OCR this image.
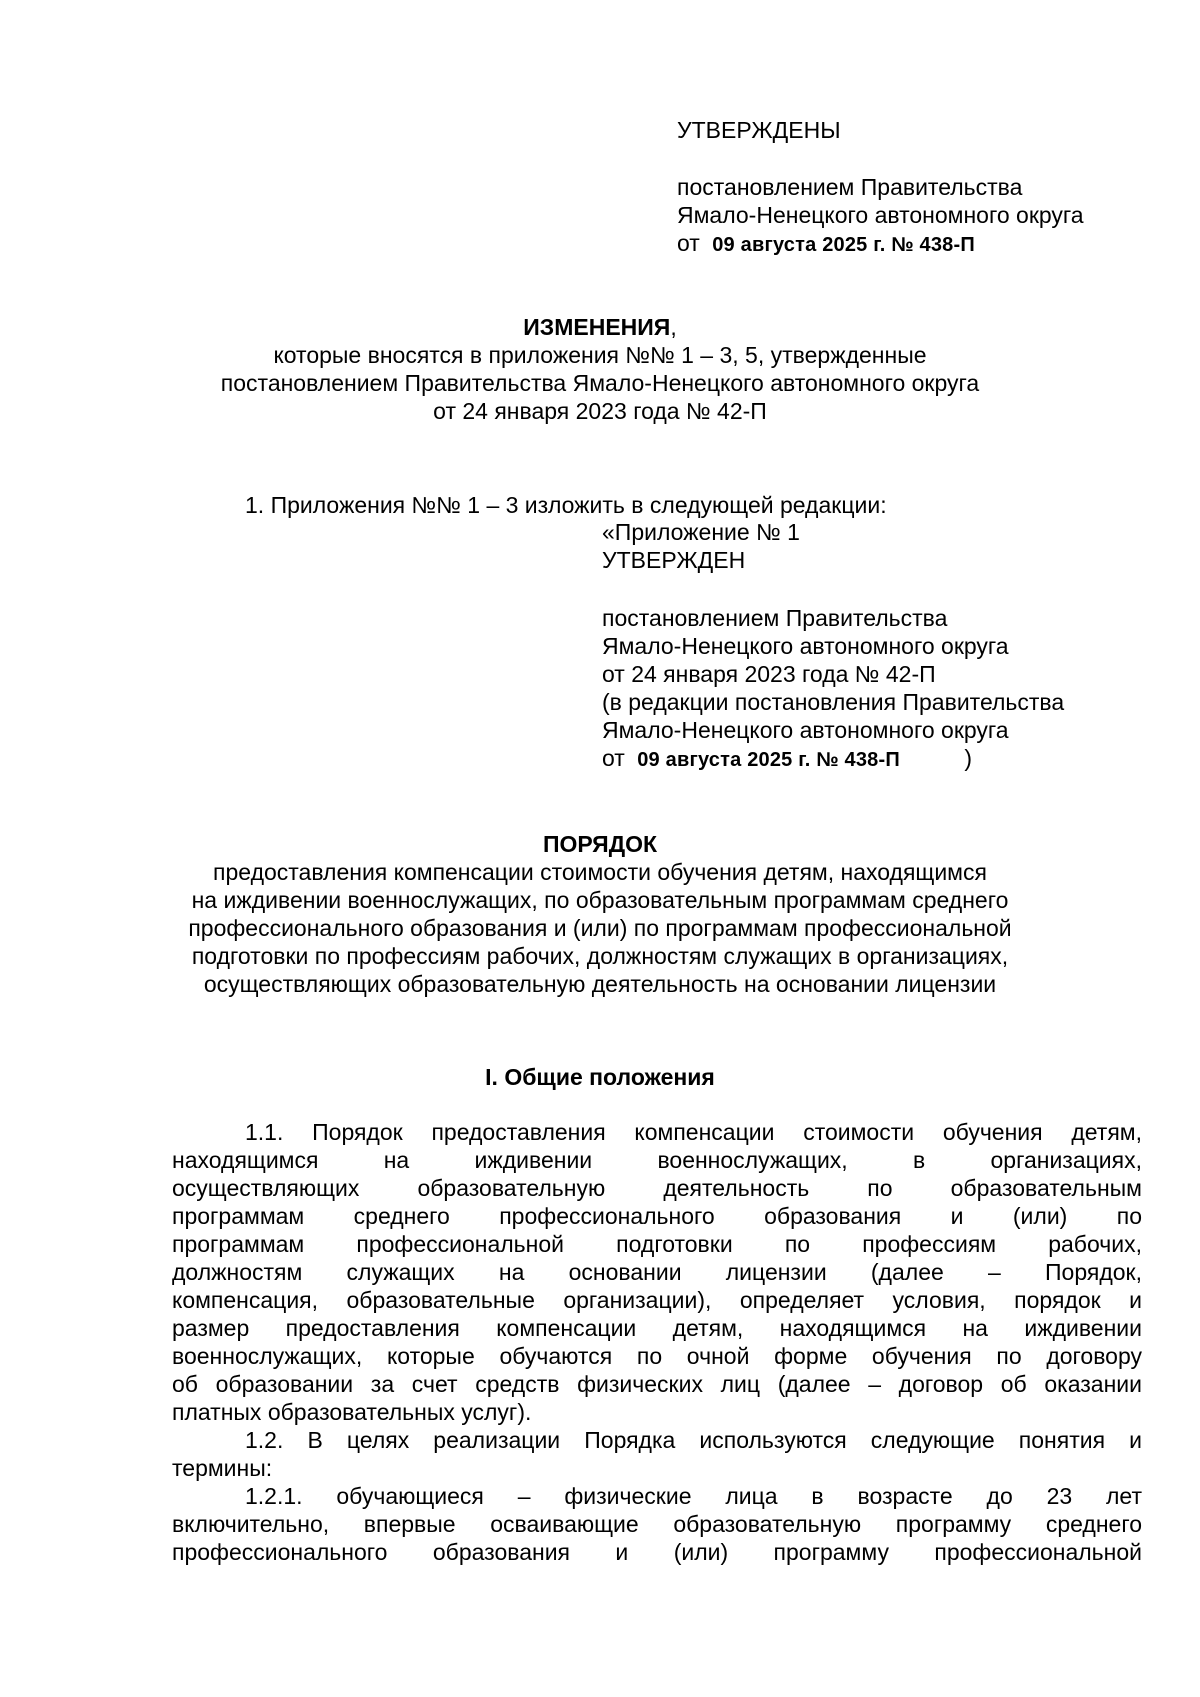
УТВЕРЖДЕНЫ
постановлением Правительства
Ямало-Ненецкого автономного округа
от 09 августа 2025 г. № 438-П
ИЗМЕНЕНИЯ,
которые вносятся в приложения №№ 1 – 3, 5, утвержденные
постановлением Правительства Ямало-Ненецкого автономного округа
от 24 января 2023 года № 42-П
1. Приложения №№ 1 – 3 изложить в следующей редакции:
«Приложение № 1
УТВЕРЖДЕН
постановлением Правительства
Ямало-Ненецкого автономного округа
от 24 января 2023 года № 42-П
(в редакции постановления Правительства
Ямало-Ненецкого автономного округа
от 09 августа 2025 г. № 438-П	)
ПОРЯДОК
предоставления компенсации стоимости обучения детям, находящимся
на иждивении военнослужащих, по образовательным программам среднего
профессионального образования и (или) по программам профессиональной
подготовки по профессиям рабочих, должностям служащих в организациях,
осуществляющих образовательную деятельность на основании лицензии
I. Общие положения
1.1. Порядок предоставления компенсации стоимости обучения детям,
находящимся на иждивении военнослужащих, в организациях,
осуществляющих образовательную деятельность по образовательным
программам среднего профессионального образования и (или) по
программам профессиональной подготовки по профессиям рабочих,
должностям служащих на основании лицензии (далее – Порядок,
компенсация, образовательные организации), определяет условия, порядок и
размер предоставления компенсации детям, находящимся на иждивении
военнослужащих, которые обучаются по очной форме обучения по договору
об образовании за счет средств физических лиц (далее – договор об оказании
платных образовательных услуг).
1.2. В целях реализации Порядка используются следующие понятия и
термины:
1.2.1. обучающиеся – физические лица в возрасте до 23 лет
включительно, впервые осваивающие образовательную программу среднего
профессионального образования и (или) программу профессиональной
